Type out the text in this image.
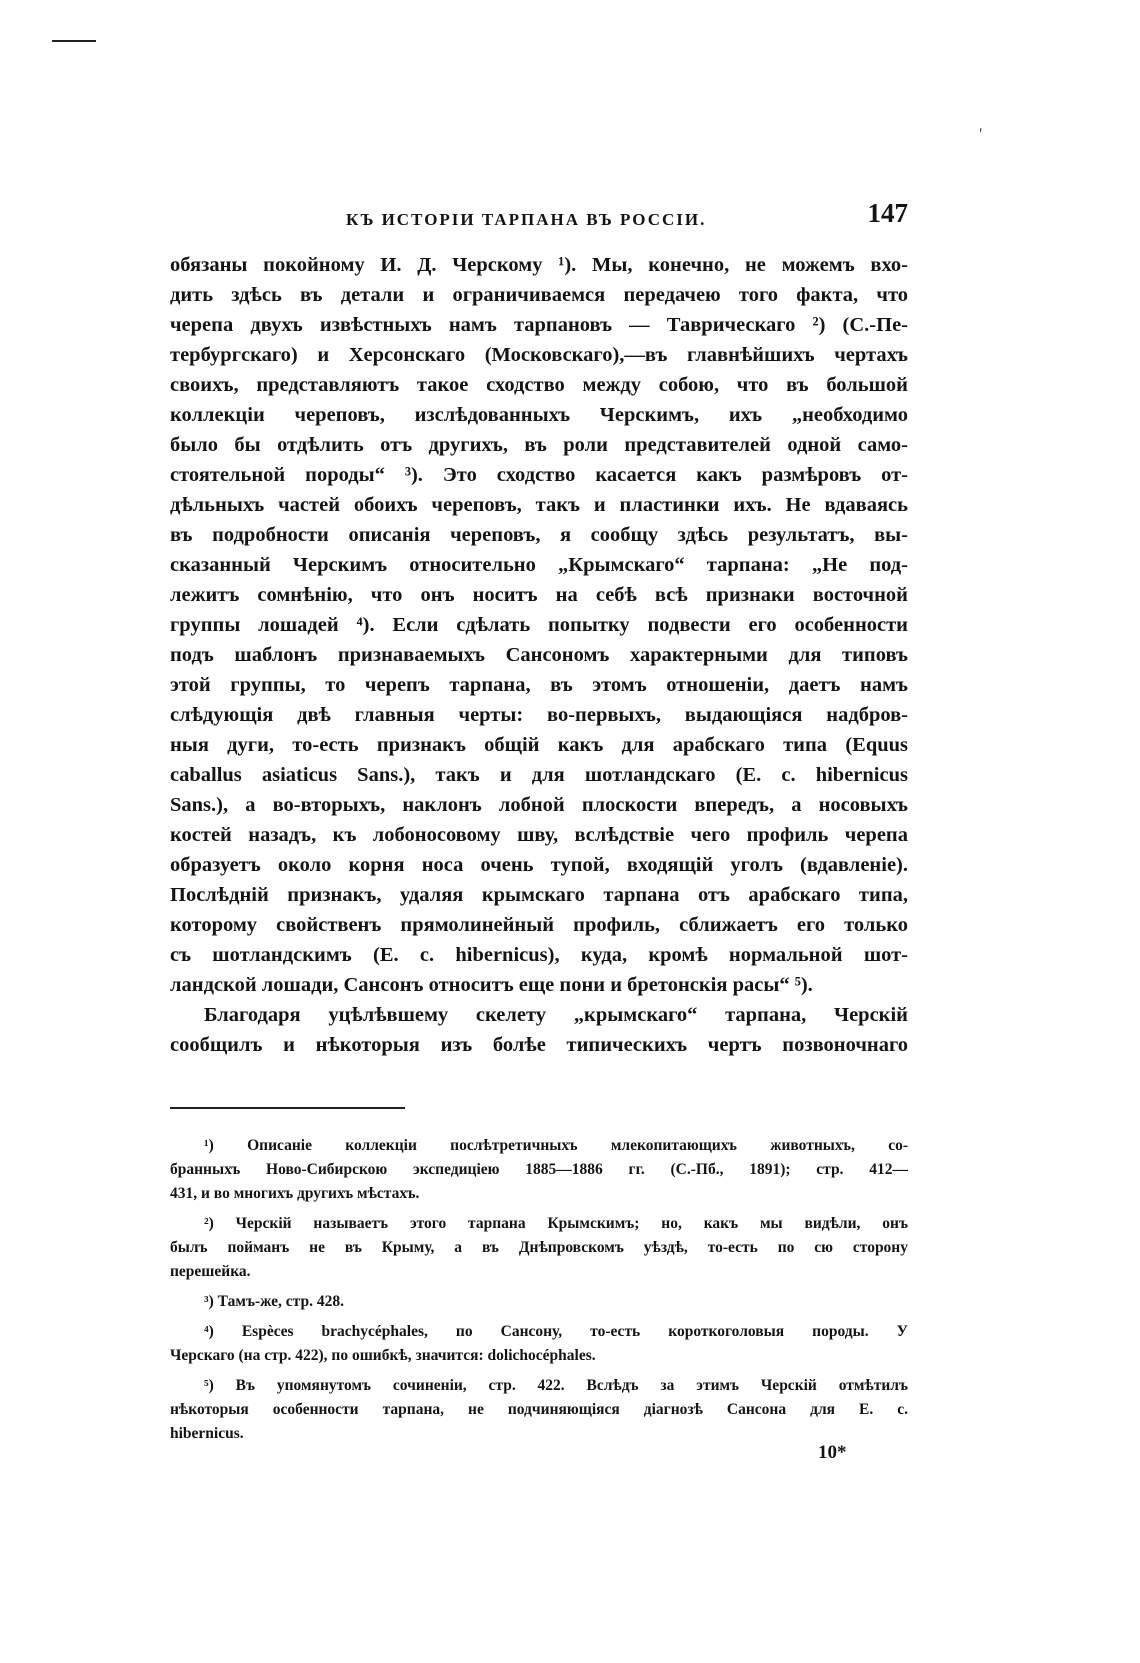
'
КЪ ИСТОРІИ ТАРПАНА ВЪ РОССІИ.	147
обязаны покойному И. Д. Черскому ¹). Мы, конечно, не можемъ вхо-
дить здѣсь въ детали и ограничиваемся передачею того факта, что
черепа двухъ извѣстныхъ намъ тарпановъ — Таврическаго ²) (С.-Пе-
тербургскаго) и Херсонскаго (Московскаго),—въ главнѣйшихъ чертахъ
своихъ, представляютъ такое сходство между собою, что въ большой
коллекціи череповъ, изслѣдованныхъ Черскимъ, ихъ „необходимо
было бы отдѣлить отъ другихъ, въ роли представителей одной само-
стоятельной породы“ ³). Это сходство касается какъ размѣровъ от-
дѣльныхъ частей обоихъ череповъ, такъ и пластинки ихъ. Не вдаваясь
въ подробности описанія череповъ, я сообщу здѣсь результатъ, вы-
сказанный Черскимъ относительно „Крымскаго“ тарпана: „Не под-
лежитъ сомнѣнію, что онъ носитъ на себѣ всѣ признаки восточной
группы лошадей ⁴). Если сдѣлать попытку подвести его особенности
подъ шаблонъ признаваемыхъ Сансономъ характерными для типовъ
этой группы, то черепъ тарпана, въ этомъ отношеніи, даетъ намъ
слѣдующія двѣ главныя черты: во-первыхъ, выдающіяся надбров-
ныя дуги, то-есть признакъ общій какъ для арабскаго типа (Equus
caballus asiaticus Sans.), такъ и для шотландскаго (E. c. hibernicus
Sans.), а во-вторыхъ, наклонъ лобной плоскости впередъ, а носовыхъ
костей назадъ, къ лобоносовому шву, вслѣдствіе чего профиль черепа
образуетъ около корня носа очень тупой, входящій уголъ (вдавленіе).
Послѣдній признакъ, удаляя крымскаго тарпана отъ арабскаго типа,
которому свойственъ прямолинейный профиль, сближаетъ его только
съ шотландскимъ (E. c. hibernicus), куда, кромѣ нормальной шот-
ландской лошади, Сансонъ относитъ еще пони и бретонскія расы“ ⁵).
Благодаря уцѣлѣвшему скелету „крымскаго“ тарпана, Черскій
сообщилъ и нѣкоторыя изъ болѣе типическихъ чертъ позвоночнаго
¹) Описаніе коллекціи послѣтретичныхъ млекопитающихъ животныхъ, со-
бранныхъ Ново-Сибирскою экспедиціею 1885—1886 гг. (С.-Пб., 1891); стр. 412—
431, и во многихъ другихъ мѣстахъ.
²) Черскій называетъ этого тарпана Крымскимъ; но, какъ мы видѣли, онъ
былъ пойманъ не въ Крыму, а въ Днѣпровскомъ уѣздѣ, то-есть по сю сторону
перешейка.
³) Тамъ-же, стр. 428.
⁴) Espèces brachycéphales, по Сансону, то-есть короткоголовыя породы. У
Черскаго (на стр. 422), по ошибкѣ, значится: dolichocéphales.
⁵) Въ упомянутомъ сочиненіи, стр. 422. Вслѣдъ за этимъ Черскій отмѣтилъ
нѣкоторыя особенности тарпана, не подчиняющіяся діагнозѣ Сансона для E. c.
hibernicus.
10*
